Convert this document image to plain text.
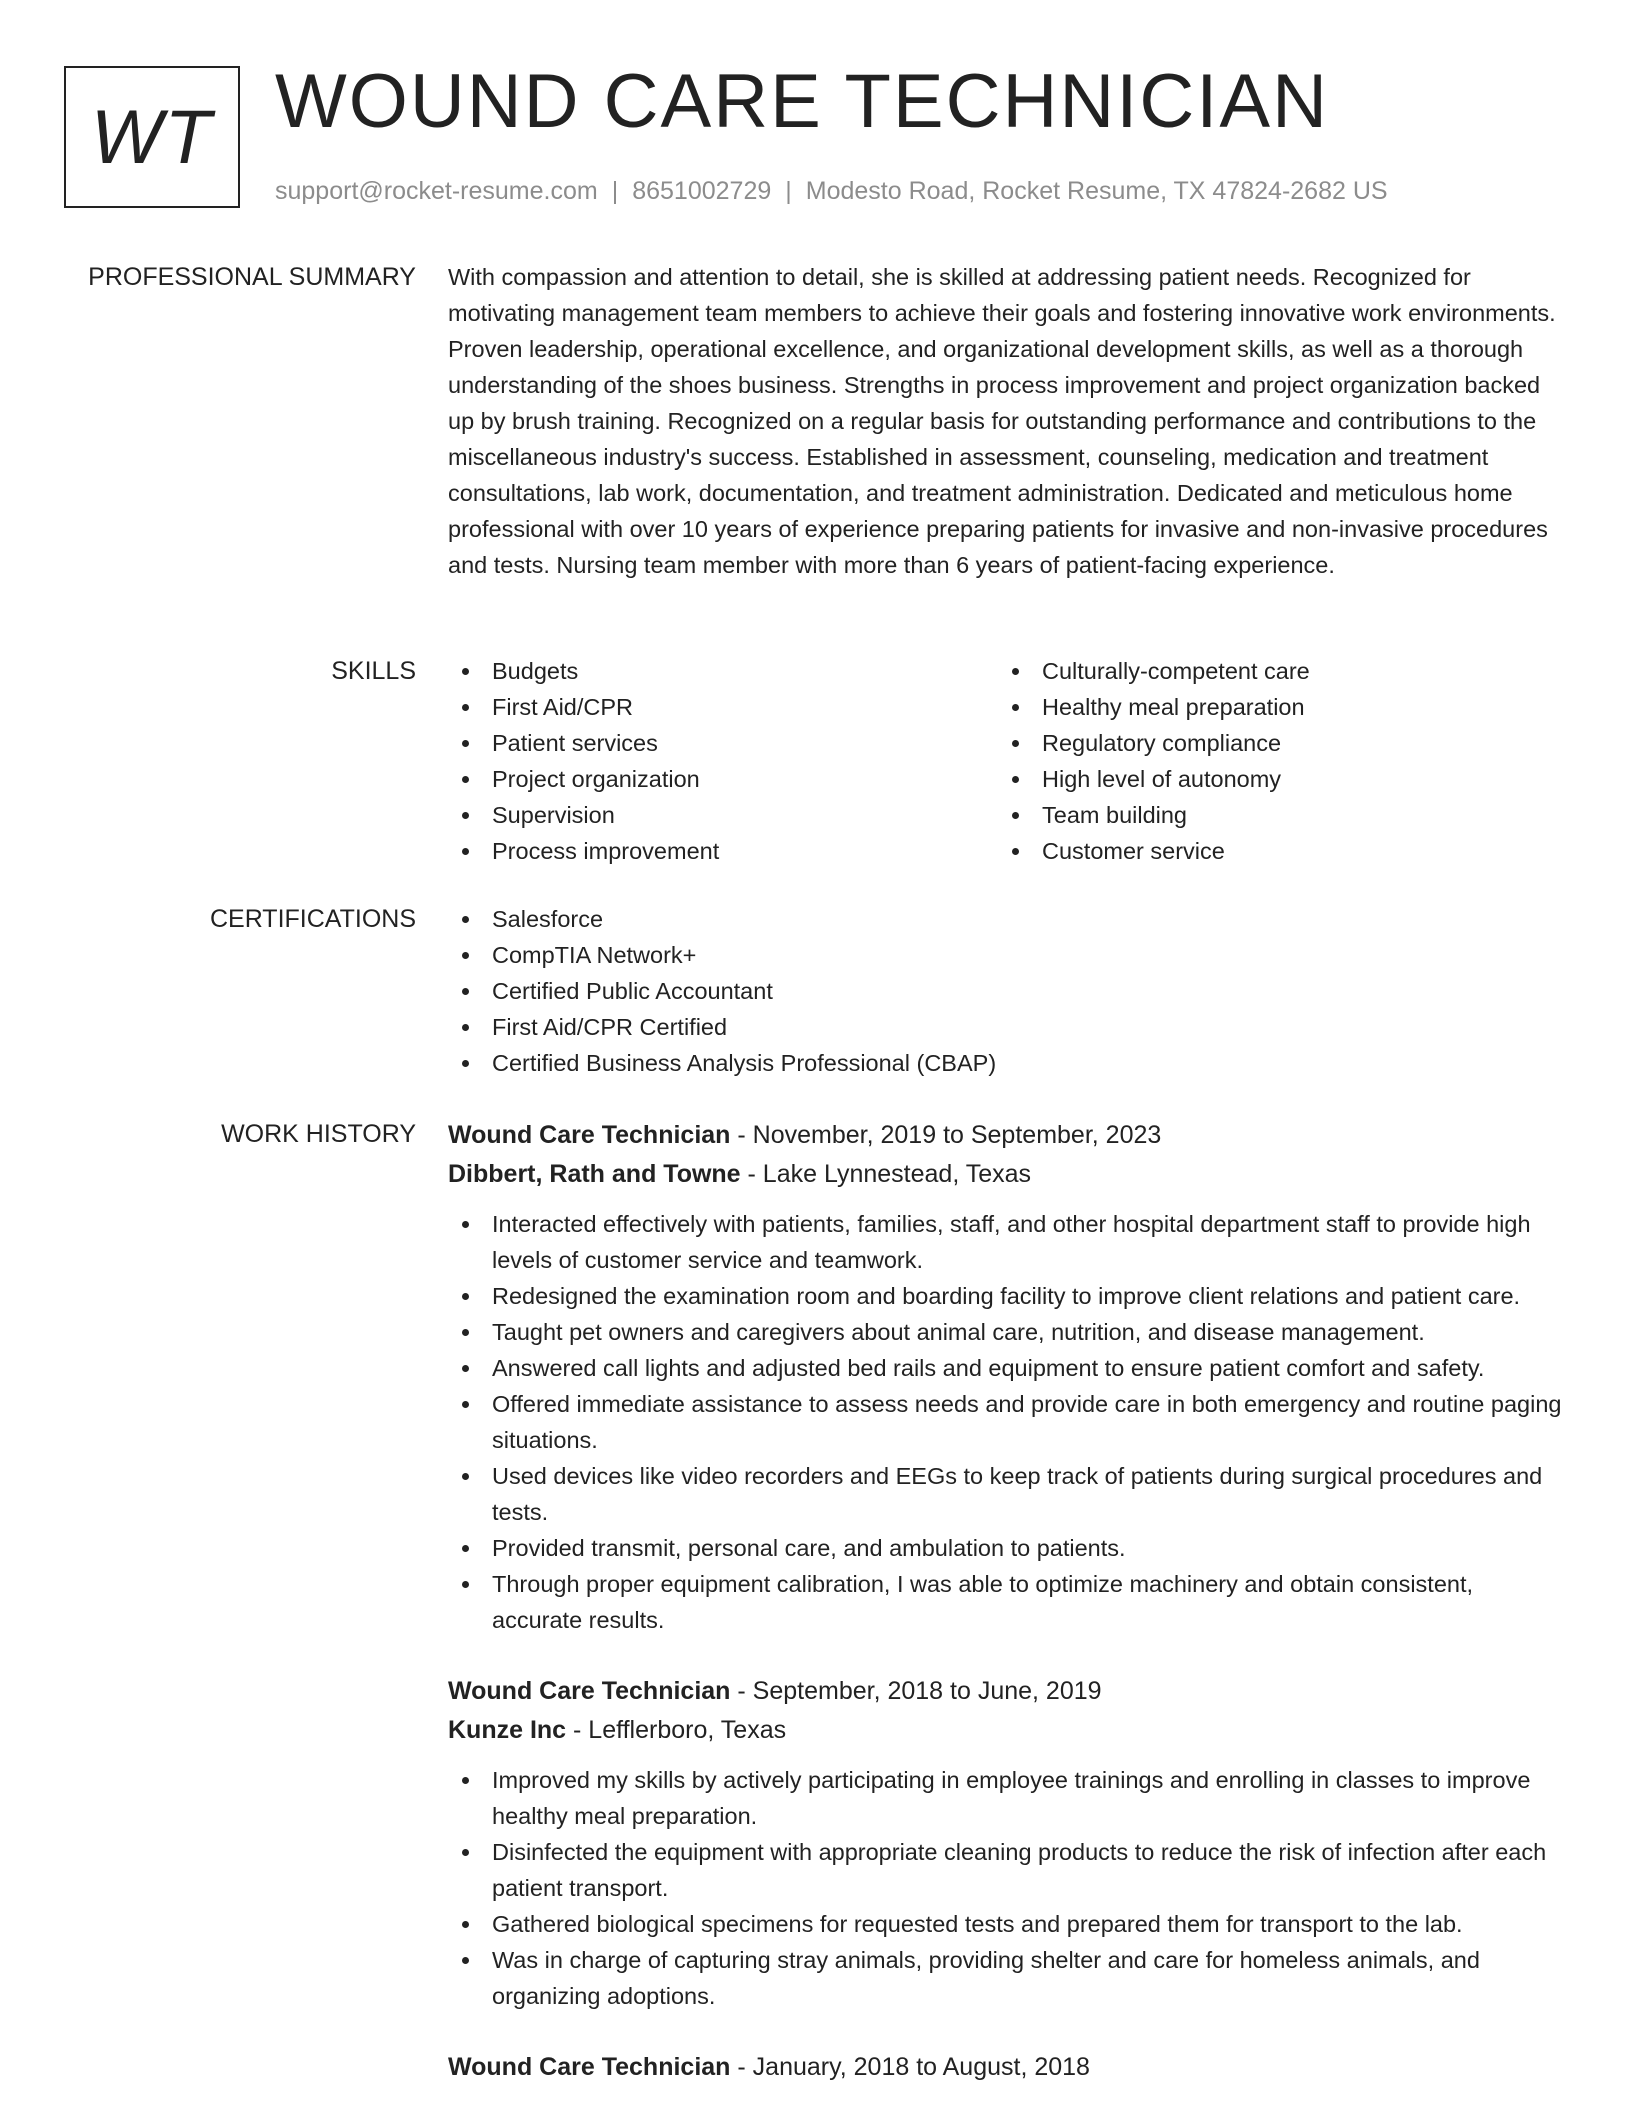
WT WOUND CARE TECHNICIAN
support@rocket-resume.com | 8651002729 | Modesto Road, Rocket Resume, TX 47824-2682 US
PROFESSIONAL SUMMARY With compassion and attention to detail, she is skilled at addressing patient needs. Recognized for motivating management team members to achieve their goals and fostering innovative work environments. Proven leadership, operational excellence, and organizational development skills, as well as a thorough understanding of the shoes business. Strengths in process improvement and project organization backed up by brush training. Recognized on a regular basis for outstanding performance and contributions to the miscellaneous industry's success. Established in assessment, counseling, medication and treatment consultations, lab work, documentation, and treatment administration. Dedicated and meticulous home professional with over 10 years of experience preparing patients for invasive and non-invasive procedures and tests. Nursing team member with more than 6 years of patient-facing experience.

SKILLS	Budgets
First Aid/CPR
Patient services
Project organization
Supervision
Process improvement
Culturally-competent care
Healthy meal preparation
Regulatory compliance
High level of autonomy
Team building
Customer service
CERTIFICATIONS	Salesforce
CompTIA Network+
Certified Public Accountant
First Aid/CPR Certified
Certified Business Analysis Professional (CBAP)
WORK HISTORY Wound Care Technician - November, 2019 to September, 2023
Dibbert, Rath and Towne - Lake Lynnestead, Texas
Interacted effectively with patients, families, staff, and other hospital department staff to provide high levels of customer service and teamwork.
Redesigned the examination room and boarding facility to improve client relations and patient care.
Taught pet owners and caregivers about animal care, nutrition, and disease management.
Answered call lights and adjusted bed rails and equipment to ensure patient comfort and safety.
Offered immediate assistance to assess needs and provide care in both emergency and routine paging situations.
Used devices like video recorders and EEGs to keep track of patients during surgical procedures and tests.
Provided transmit, personal care, and ambulation to patients.
Through proper equipment calibration, I was able to optimize machinery and obtain consistent, accurate results.
Wound Care Technician - September, 2018 to June, 2019
Kunze Inc - Lefflerboro, Texas
Improved my skills by actively participating in employee trainings and enrolling in classes to improve healthy meal preparation.
Disinfected the equipment with appropriate cleaning products to reduce the risk of infection after each patient transport.
Gathered biological specimens for requested tests and prepared them for transport to the lab.
Was in charge of capturing stray animals, providing shelter and care for homeless animals, and organizing adoptions.
Wound Care Technician - January, 2018 to August, 2018
